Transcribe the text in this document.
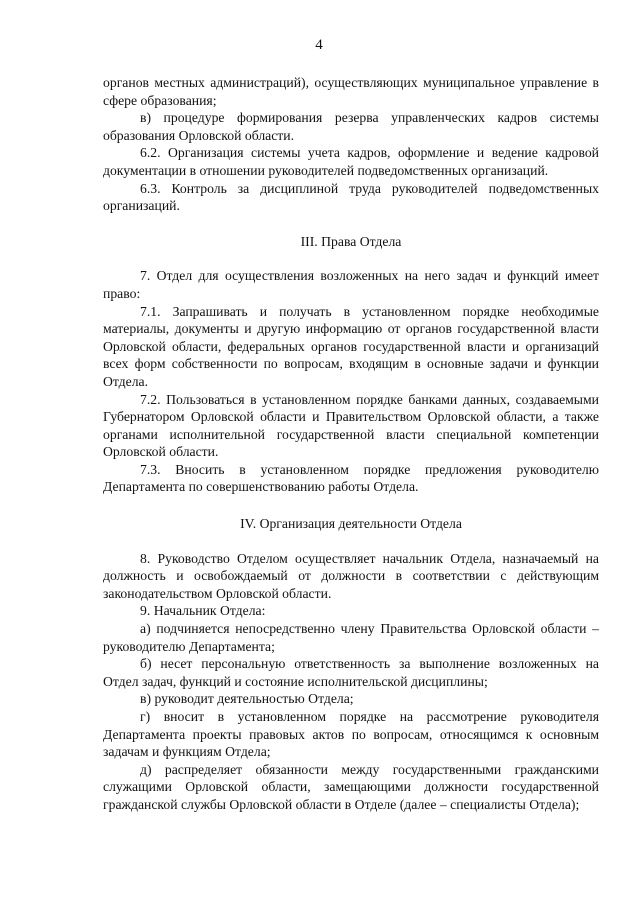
4

органов местных администраций), осуществляющих муниципальное управление в сфере образования;

в) процедуре формирования резерва управленческих кадров системы образования Орловской области.

6.2. Организация системы учета кадров, оформление и ведение кадровой документации в отношении руководителей подведомственных организаций.

6.3. Контроль за дисциплиной труда руководителей подведомственных организаций.

III. Права Отдела

7. Отдел для осуществления возложенных на него задач и функций имеет право:

7.1. Запрашивать и получать в установленном порядке необходимые материалы, документы и другую информацию от органов государственной власти Орловской области, федеральных органов государственной власти и организаций всех форм собственности по вопросам, входящим в основные задачи и функции Отдела.

7.2. Пользоваться в установленном порядке банками данных, создаваемыми Губернатором Орловской области и Правительством Орловской области, а также органами исполнительной государственной власти специальной компетенции Орловской области.

7.3. Вносить в установленном порядке предложения руководителю Департамента по совершенствованию работы Отдела.

IV. Организация деятельности Отдела

8. Руководство Отделом осуществляет начальник Отдела, назначаемый на должность и освобождаемый от должности в соответствии с действующим законодательством Орловской области.

9. Начальник Отдела:

а) подчиняется непосредственно члену Правительства Орловской области – руководителю Департамента;

б) несет персональную ответственность за выполнение возложенных на Отдел задач, функций и состояние исполнительской дисциплины;

в) руководит деятельностью Отдела;

г) вносит в установленном порядке на рассмотрение руководителя Департамента проекты правовых актов по вопросам, относящимся к основным задачам и функциям Отдела;

д) распределяет обязанности между государственными гражданскими служащими Орловской области, замещающими должности государственной гражданской службы Орловской области в Отделе (далее – специалисты Отдела);
